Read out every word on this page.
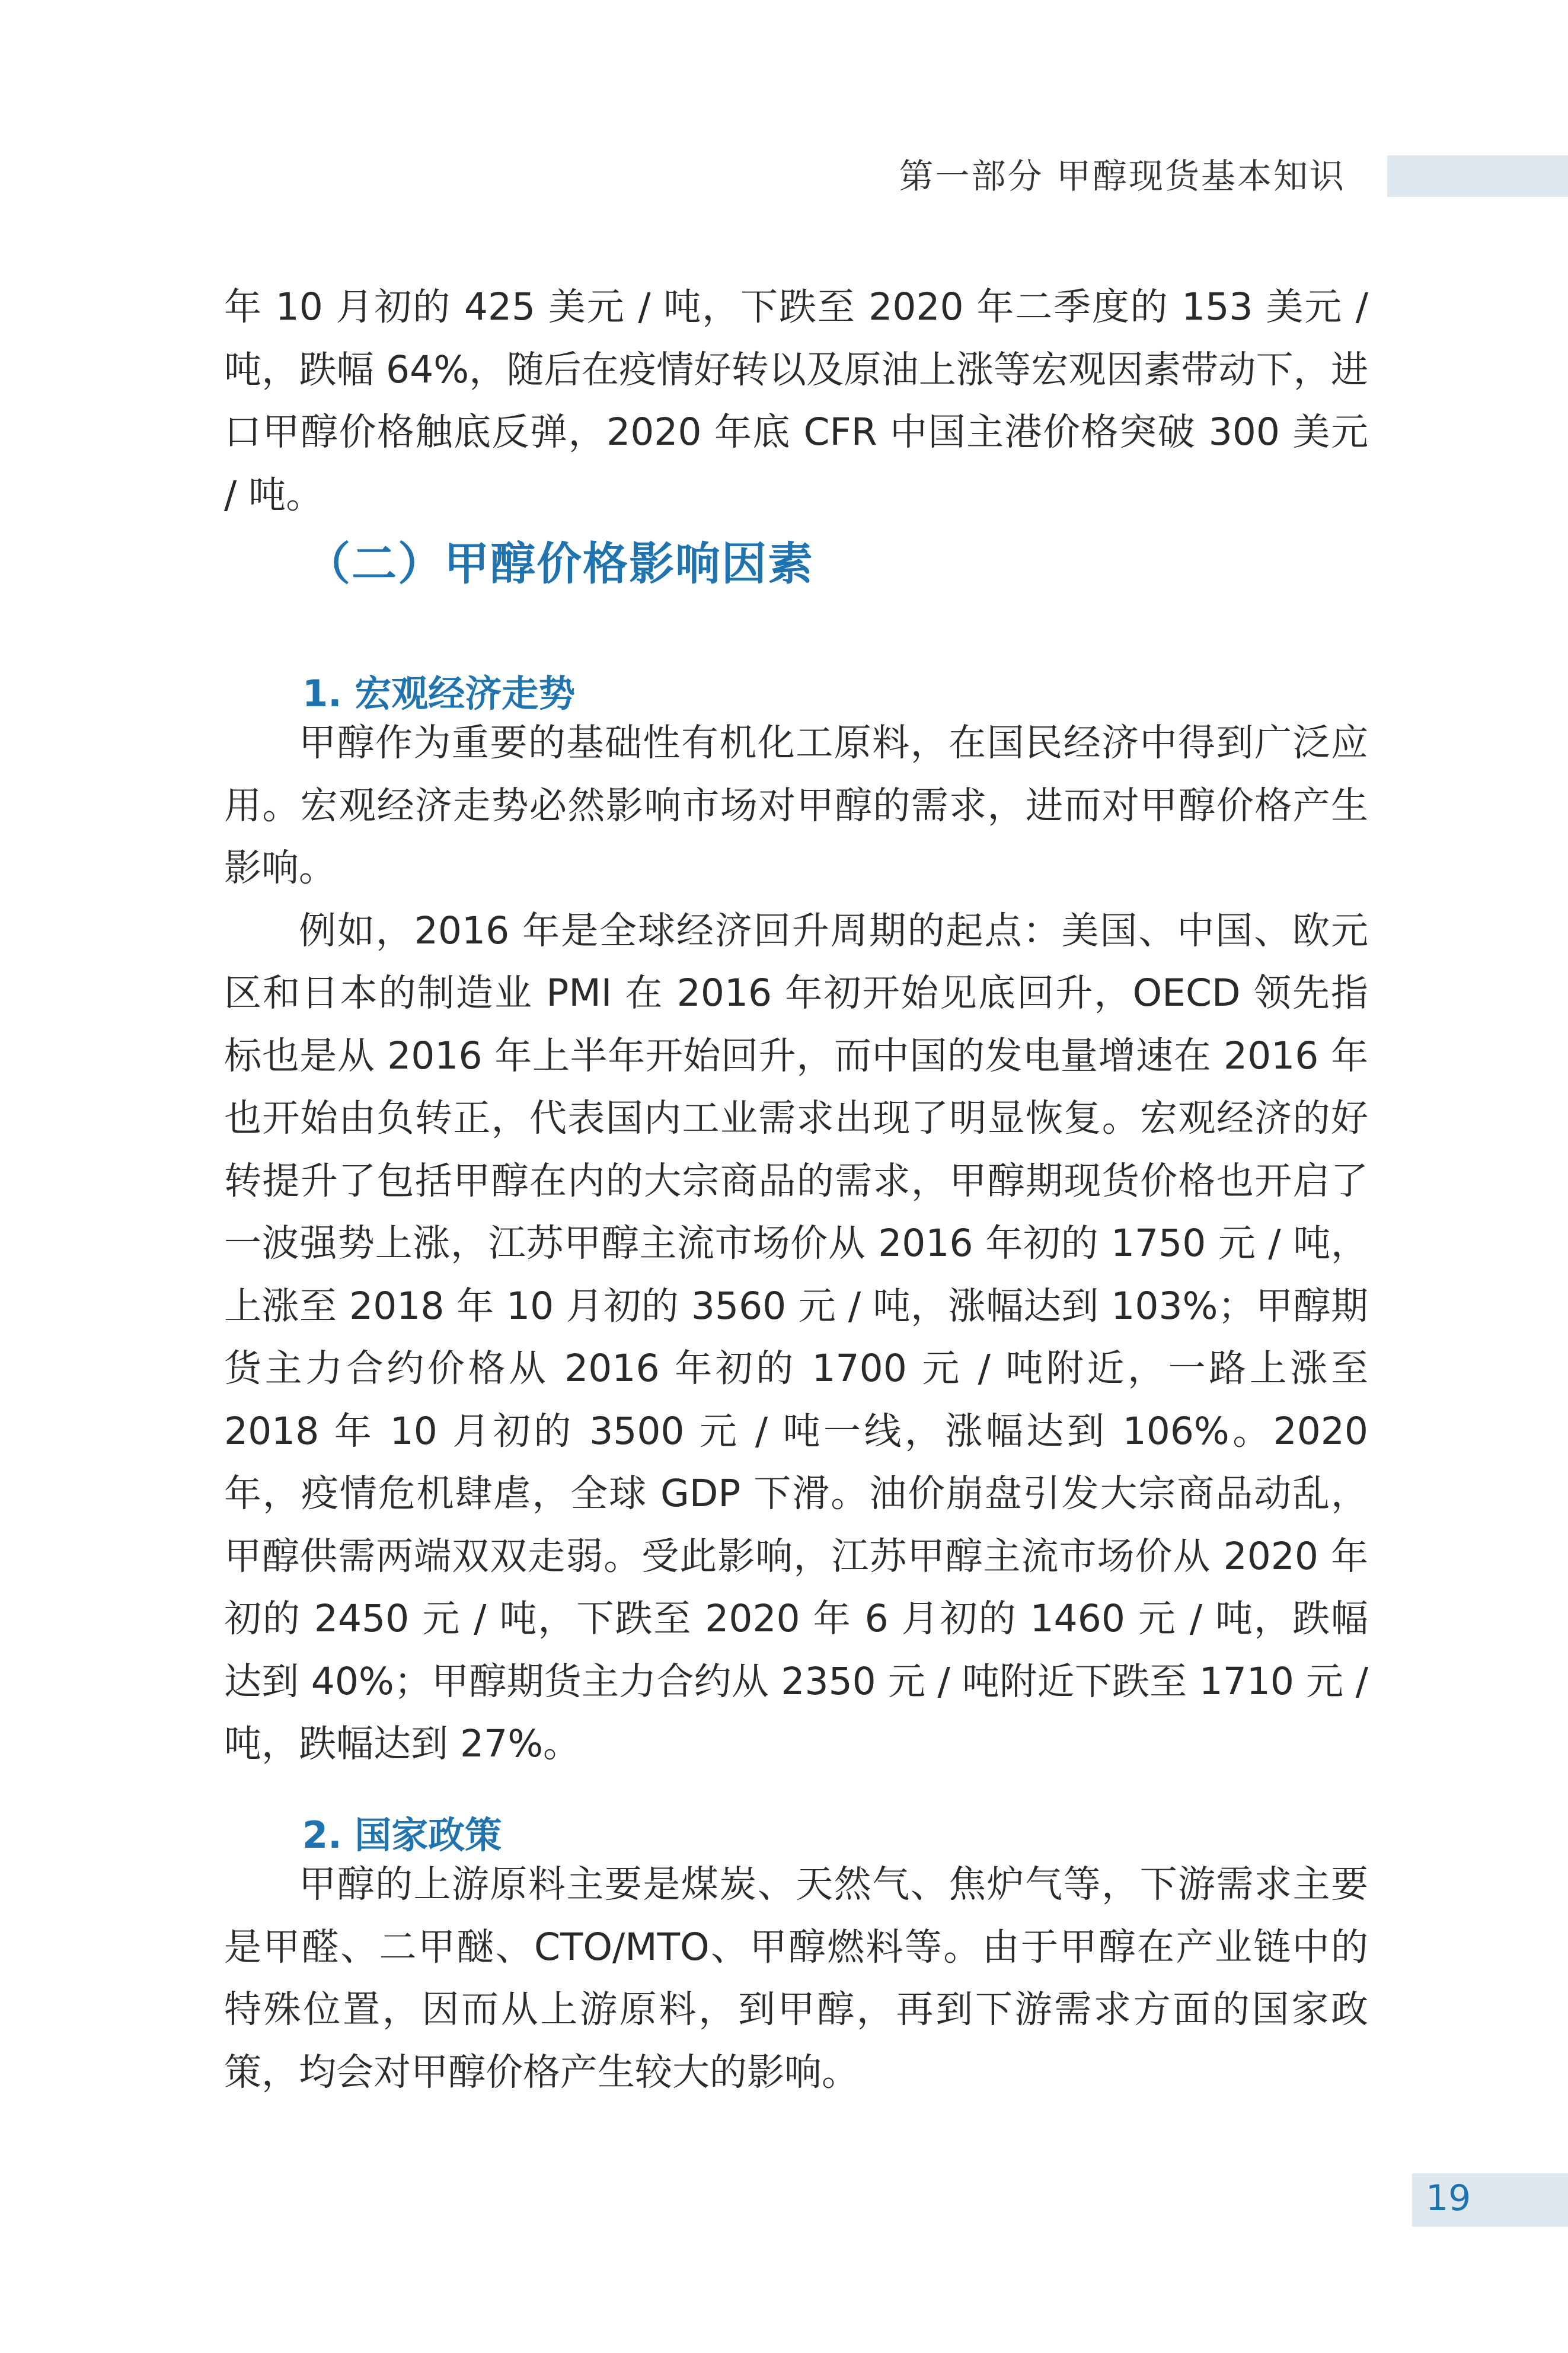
第一部分 甲醇现货基本知识

年 10 月初的 425 美元 / 吨，下跌至 2020 年二季度的 153 美元 / 吨，跌幅 64%，随后在疫情好转以及原油上涨等宏观因素带动下，进口甲醇价格触底反弹，2020 年底 CFR 中国主港价格突破 300 美元 / 吨。

（二）甲醇价格影响因素
1. 宏观经济走势

甲醇作为重要的基础性有机化工原料，在国民经济中得到广泛应用。宏观经济走势必然影响市场对甲醇的需求，进而对甲醇价格产生影响。

例如，2016 年是全球经济回升周期的起点：美国、中国、欧元区和日本的制造业 PMI 在 2016 年初开始见底回升，OECD 领先指标也是从 2016 年上半年开始回升，而中国的发电量增速在 2016 年也开始由负转正，代表国内工业需求出现了明显恢复。宏观经济的好转提升了包括甲醇在内的大宗商品的需求，甲醇期现货价格也开启了一波强势上涨，江苏甲醇主流市场价从 2016 年初的 1750 元 / 吨，上涨至 2018 年 10 月初的 3560 元 / 吨，涨幅达到 103%；甲醇期货主力合约价格从 2016 年初的 1700 元 / 吨附近，一路上涨至 2018 年 10 月初的 3500 元 / 吨一线，涨幅达到 106%。2020 年，疫情危机肆虐，全球 GDP 下滑。油价崩盘引发大宗商品动乱，甲醇供需两端双双走弱。受此影响，江苏甲醇主流市场价从 2020 年初的 2450 元 / 吨，下跌至 2020 年 6 月初的 1460 元 / 吨，跌幅达到 40%；甲醇期货主力合约从 2350 元 / 吨附近下跌至 1710 元 / 吨，跌幅达到 27%。

2. 国家政策

甲醇的上游原料主要是煤炭、天然气、焦炉气等，下游需求主要是甲醛、二甲醚、CTO/MTO、甲醇燃料等。由于甲醇在产业链中的特殊位置，因而从上游原料，到甲醇，再到下游需求方面的国家政策，均会对甲醇价格产生较大的影响。

19
